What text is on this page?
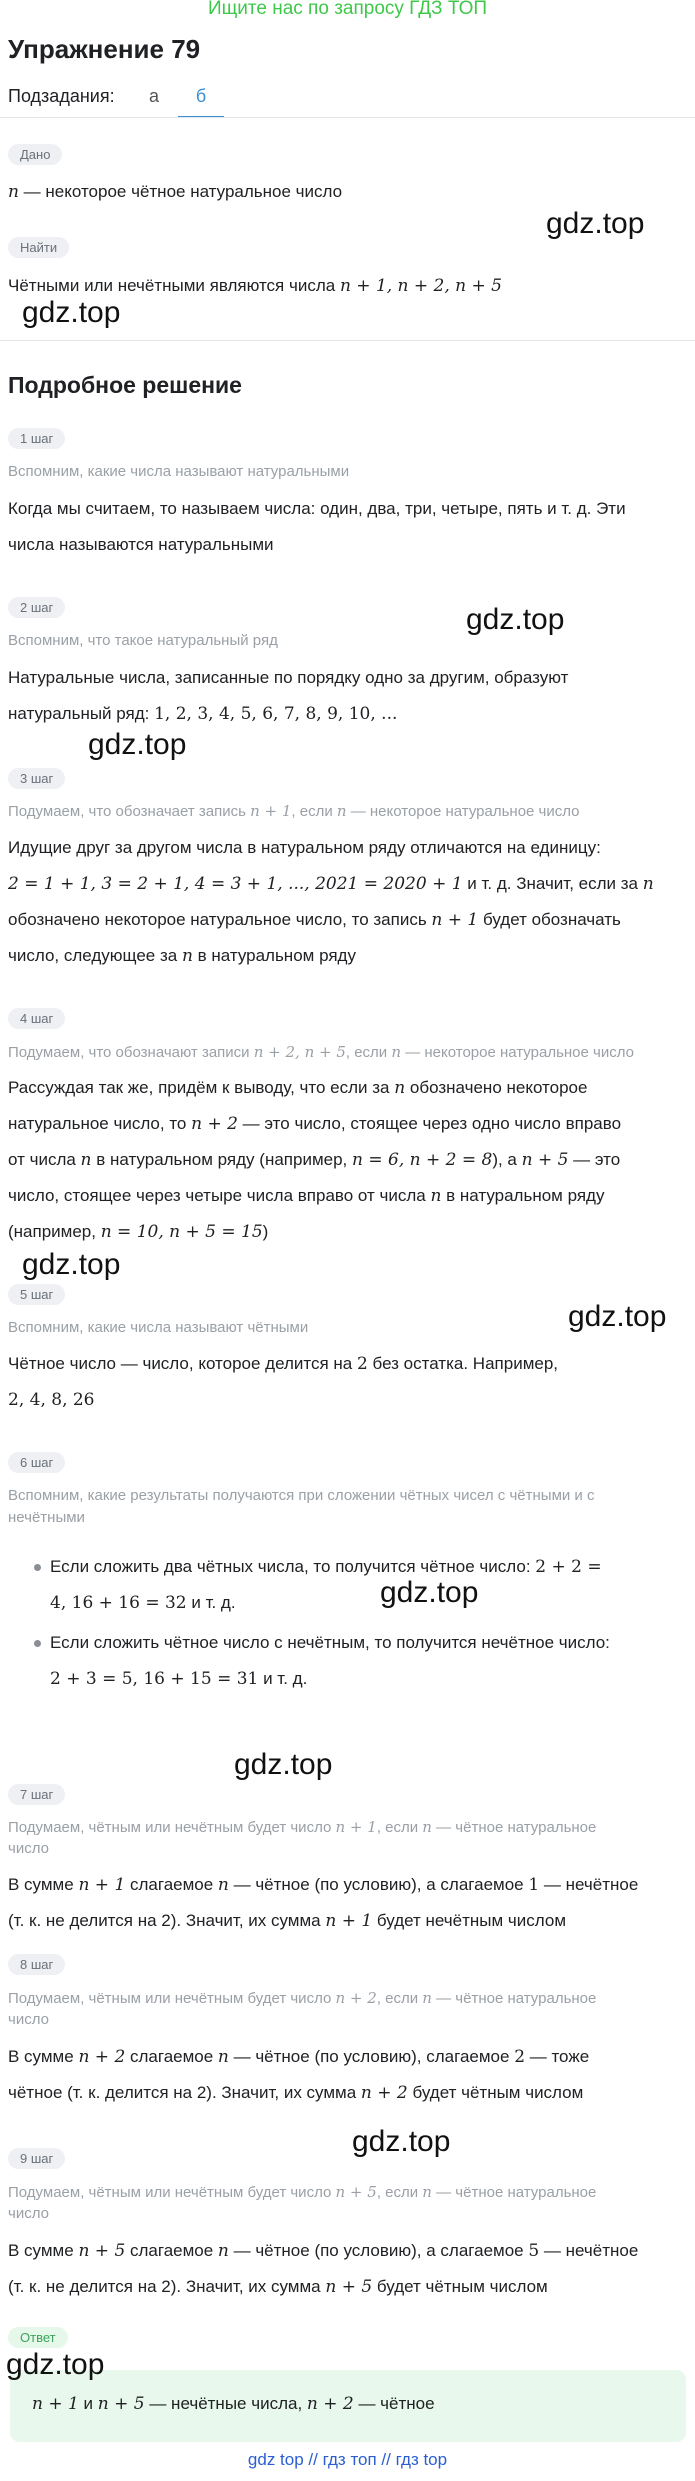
Ищите нас по запросу ГДЗ ТОП
Упражнение 79
Подзадания:	а	б
Дано
n — некоторое чётное натуральное число
Найти
Чётными или нечётными являются числа n + 1, n + 2, n + 5
Подробное решение
1 шаг
Вспомним, какие числа называют натуральными
Когда мы считаем, то называем числа: один, два, три, четыре, пять и т. д. Эти
числа называются натуральными
2 шаг
Вспомним, что такое натуральный ряд
Натуральные числа, записанные по порядку одно за другим, образуют
натуральный ряд: 1, 2, 3, 4, 5, 6, 7, 8, 9, 10, ...
3 шаг
Подумаем, что обозначает запись n + 1, если n — некоторое натуральное число
Идущие друг за другом числа в натуральном ряду отличаются на единицу:
2 = 1 + 1, 3 = 2 + 1, 4 = 3 + 1, ..., 2021 = 2020 + 1 и т. д. Значит, если за n
обозначено некоторое натуральное число, то запись n + 1 будет обозначать
число, следующее за n в натуральном ряду
4 шаг
Подумаем, что обозначают записи n + 2, n + 5, если n — некоторое натуральное число
Рассуждая так же, придём к выводу, что если за n обозначено некоторое
натуральное число, то n + 2 — это число, стоящее через одно число вправо
от числа n в натуральном ряду (например, n = 6, n + 2 = 8), а n + 5 — это
число, стоящее через четыре числа вправо от числа n в натуральном ряду
(например, n = 10, n + 5 = 15)
5 шаг
Вспомним, какие числа называют чётными
Чётное число — число, которое делится на 2 без остатка. Например,
2, 4, 8, 26
6 шаг
Вспомним, какие результаты получаются при сложении чётных чисел с чётными и с
нечётными
Если сложить два чётных числа, то получится чётное число: 2 + 2 =
4, 16 + 16 = 32 и т. д.
Если сложить чётное число с нечётным, то получится нечётное число:
2 + 3 = 5, 16 + 15 = 31 и т. д.
7 шаг
Подумаем, чётным или нечётным будет число n + 1, если n — чётное натуральное
число
В сумме n + 1 слагаемое n — чётное (по условию), а слагаемое 1 — нечётное
(т. к. не делится на 2). Значит, их сумма n + 1 будет нечётным числом
8 шаг
Подумаем, чётным или нечётным будет число n + 2, если n — чётное натуральное
число
В сумме n + 2 слагаемое n — чётное (по условию), слагаемое 2 — тоже
чётное (т. к. делится на 2). Значит, их сумма n + 2 будет чётным числом
9 шаг
Подумаем, чётным или нечётным будет число n + 5, если n — чётное натуральное
число
В сумме n + 5 слагаемое n — чётное (по условию), а слагаемое 5 — нечётное
(т. к. не делится на 2). Значит, их сумма n + 5 будет чётным числом
Ответ
n + 1 и n + 5 — нечётные числа, n + 2 — чётное
gdz.top
gdz.top
gdz.top
gdz.top
gdz.top
gdz.top
gdz.top
gdz.top
gdz.top
gdz.top
gdz top // гдз топ // гдз top
